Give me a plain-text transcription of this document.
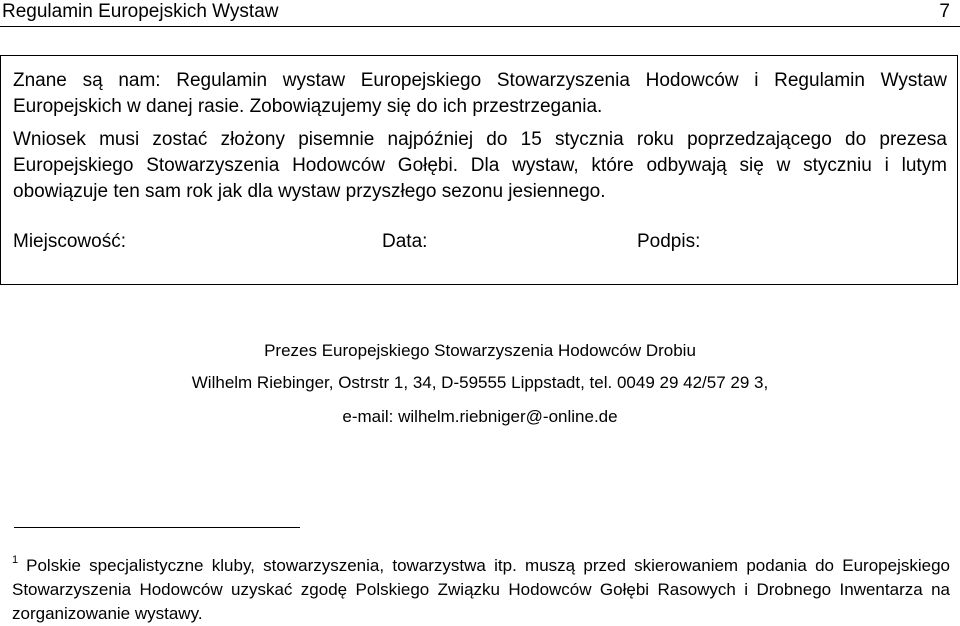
Regulamin Europejskich Wystaw	7
Znane są nam: Regulamin wystaw Europejskiego Stowarzyszenia Hodowców i Regulamin Wystaw Europejskich w danej rasie. Zobowiązujemy się do ich przestrzegania.
Wniosek musi zostać złożony pisemnie najpóźniej do 15 stycznia roku poprzedzającego do prezesa Europejskiego Stowarzyszenia Hodowców Gołębi. Dla wystaw, które odbywają się w styczniu i lutym obowiązuje ten sam rok jak dla wystaw przyszłego sezonu jesiennego.
Miejscowość:	Data:	Podpis:
Prezes Europejskiego Stowarzyszenia Hodowców Drobiu
Wilhelm Riebinger, Ostrstr 1, 34, D-59555 Lippstadt, tel. 0049 29 42/57 29 3,
e-mail: wilhelm.riebniger@-online.de
$^1$ Polskie specjalistyczne kluby, stowarzyszenia, towarzystwa itp. muszą przed skierowaniem podania do Europejskiego Stowarzyszenia Hodowców uzyskać zgodę Polskiego Związku Hodowców Gołębi Rasowych i Drobnego Inwentarza na zorganizowanie wystawy.
